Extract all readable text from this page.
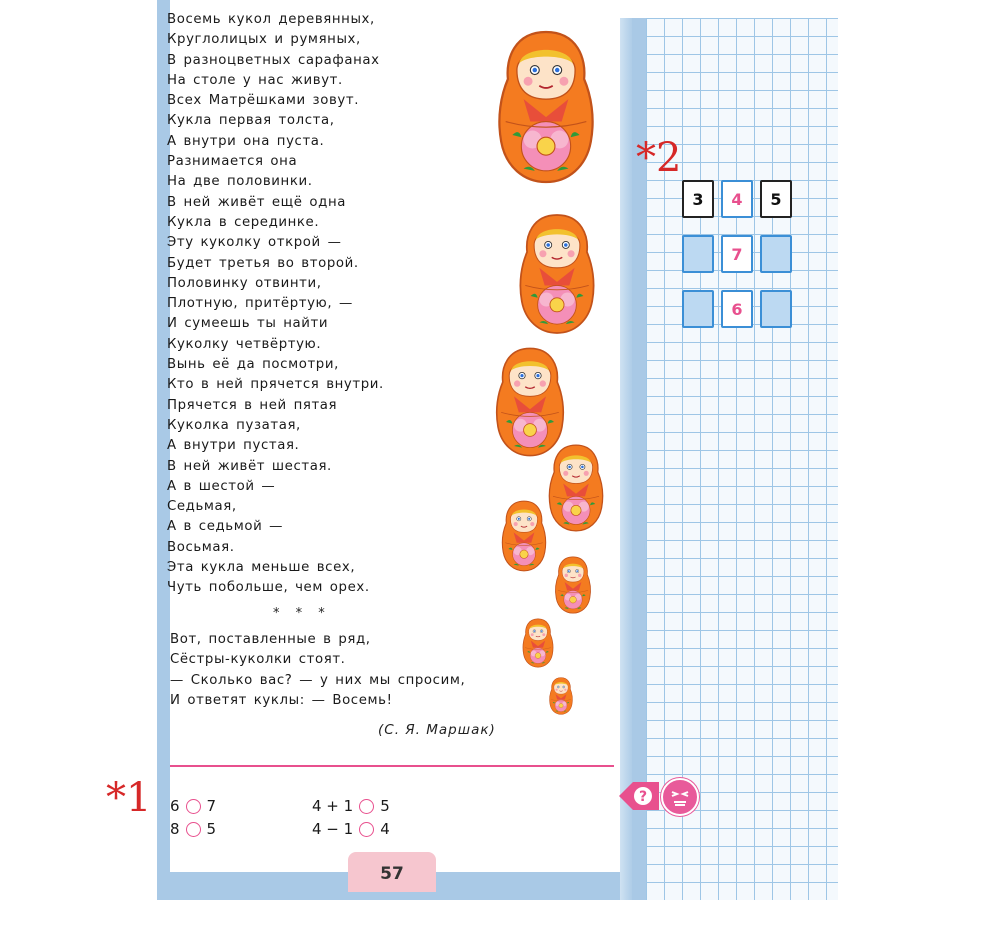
Восемь кукол деревянных,
Круглолицых и румяных,
В разноцветных сарафанах
На столе у нас живут.
Всех Матрёшками зовут.
Кукла первая толста,
А внутри она пуста.
Разнимается она
На две половинки.
В ней живёт ещё одна
Кукла в серединке.
Эту куколку открой —
Будет третья во второй.
Половинку отвинти,
Плотную, притёртую, —
И сумеешь ты найти
Куколку четвёртую.
Вынь её да посмотри,
Кто в ней прячется внутри.
Прячется в ней пятая
Куколка пузатая,
А внутри пустая.
В ней живёт шестая.
А в шестой —
Седьмая,
А в седьмой —
Восьмая.
Эта кукла меньше всех,
Чуть побольше, чем орех.
* * *
Вот, поставленные в ряд,
Сёстры-куколки стоят.
— Сколько вас? — у них мы спросим,
И ответят куклы: — Восемь!
(С. Я. Маршак)
*1 6 7
8 5
4 + 1 5
4 − 1 4
?
57
*2
3	4	5
7
6
